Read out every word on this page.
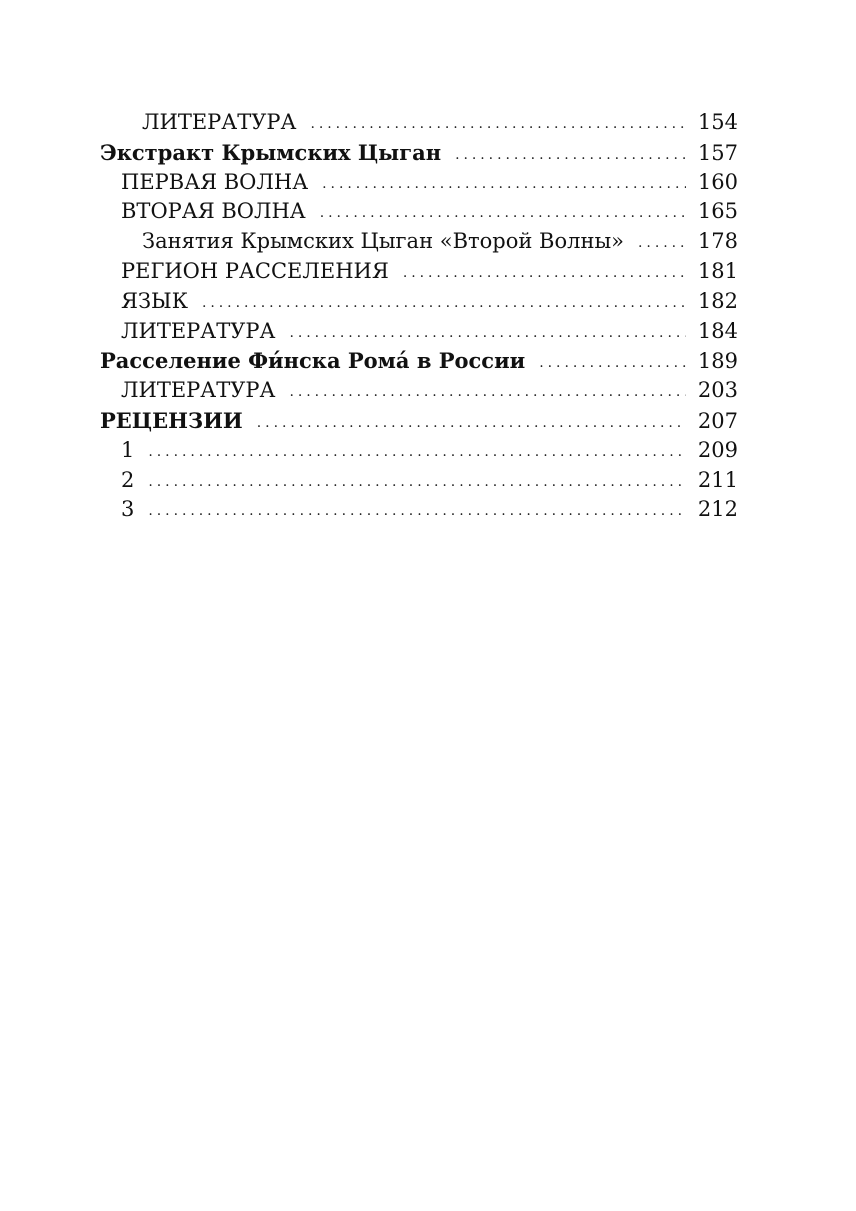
ЛИТЕРАТУРА . . .	154
Экстракт Крымских Цыган . . .	157
ПЕРВАЯ ВОЛНА . . .	160
ВТОРАЯ ВОЛНА . . .	165
Занятия Крымских Цыган «Второй Волны» . . .	178
РЕГИОН РАССЕЛЕНИЯ . . .	181
ЯЗЫК . . .	182
ЛИТЕРАТУРА . . .	184
Расселение Фи́нска Рома́ в России . . .	189
ЛИТЕРАТУРА . . .	203
РЕЦЕНЗИИ . . .	207
1 . . .	209
2 . . .	211
3 . . .	212
